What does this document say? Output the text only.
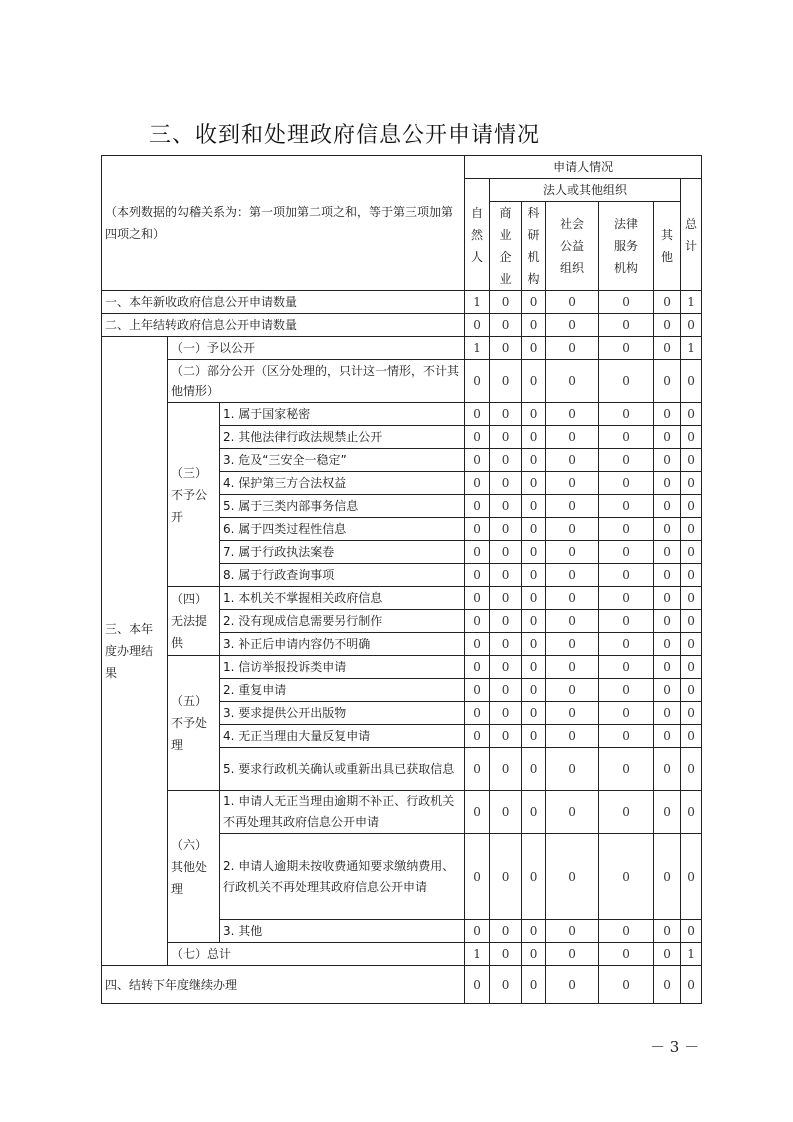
三、收到和处理政府信息公开申请情况
（本列数据的勾稽关系为：第一项加第二项之和，等于第三项加第四项之和）			申请人情况						
			自然人	法人或其他组织					总计
				商业企业	科研机构	社会公益组织	法律服务机构	其他	
一、本年新收政府信息公开申请数量			1	0	0	0	0	0	1
二、上年结转政府信息公开申请数量			0	0	0	0	0	0	0
三、本年度办理结果	（一）予以公开		1	0	0	0	0	0	1
	（二）部分公开（区分处理的，只计这一情形，不计其他情形）		0	0	0	0	0	0	0
	（三）不予公开	1. 属于国家秘密	0	0	0	0	0	0	0
		2. 其他法律行政法规禁止公开	0	0	0	0	0	0	0
		3. 危及“三安全一稳定”	0	0	0	0	0	0	0
		4. 保护第三方合法权益	0	0	0	0	0	0	0
		5. 属于三类内部事务信息	0	0	0	0	0	0	0
		6. 属于四类过程性信息	0	0	0	0	0	0	0
		7. 属于行政执法案卷	0	0	0	0	0	0	0
		8. 属于行政查询事项	0	0	0	0	0	0	0
	（四）无法提供	1. 本机关不掌握相关政府信息	0	0	0	0	0	0	0
		2. 没有现成信息需要另行制作	0	0	0	0	0	0	0
		3. 补正后申请内容仍不明确	0	0	0	0	0	0	0
	（五）不予处理	1. 信访举报投诉类申请	0	0	0	0	0	0	0
		2. 重复申请	0	0	0	0	0	0	0
		3. 要求提供公开出版物	0	0	0	0	0	0	0
		4. 无正当理由大量反复申请	0	0	0	0	0	0	0
		5. 要求行政机关确认或重新出具已获取信息	0	0	0	0	0	0	0
	（六）其他处理	1. 申请人无正当理由逾期不补正、行政机关不再处理其政府信息公开申请	0	0	0	0	0	0	0
		2. 申请人逾期未按收费通知要求缴纳费用、行政机关不再处理其政府信息公开申请	0	0	0	0	0	0	0
		3. 其他	0	0	0	0	0	0	0
	（七）总计		1	0	0	0	0	0	1
四、结转下年度继续办理			0	0	0	0	0	0	0
－ 3 －
